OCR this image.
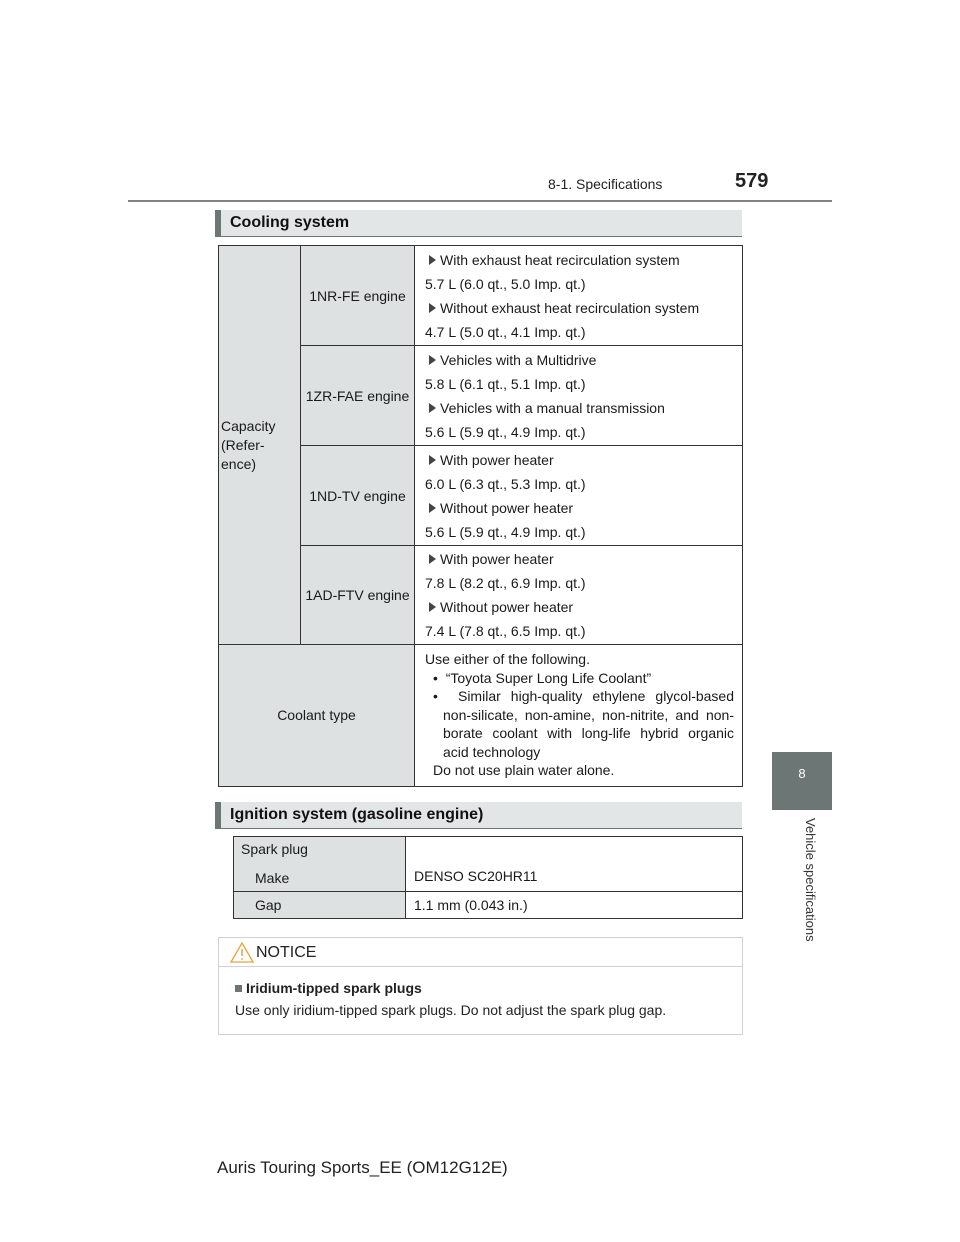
8-1. Specifications	579
8
Vehicle specifications
Cooling system
Capacity (Refer- ence)	1NR-FE engine	With exhaust heat recirculation system
5.7 L (6.0 qt., 5.0 Imp. qt.)
Without exhaust heat recirculation system
4.7 L (5.0 qt., 4.1 Imp. qt.)

	1ZR-FAE engine	Vehicles with a Multidrive
5.8 L (6.1 qt., 5.1 Imp. qt.)
Vehicles with a manual transmission
5.6 L (5.9 qt., 4.9 Imp. qt.)

	1ND-TV engine	With power heater
6.0 L (6.3 qt., 5.3 Imp. qt.)
Without power heater
5.6 L (5.9 qt., 4.9 Imp. qt.)

	1AD-FTV engine	With power heater
7.8 L (8.2 qt., 6.9 Imp. qt.)
Without power heater
7.4 L (7.8 qt., 6.5 Imp. qt.)

Coolant type		Use either of the following.
•  “Toyota Super Long Life Coolant”
•  Similar high-quality ethylene glycol-based non-silicate, non-amine, non-nitrite, and non-borate coolant with long-life hybrid organic acid technology
Do not use plain water alone.
Ignition system (gasoline engine)
Spark plug
Make	DENSO SC20HR11
Gap	1.1 mm (0.043 in.)
NOTICE
Iridium-tipped spark plugs
Use only iridium-tipped spark plugs. Do not adjust the spark plug gap.
Auris Touring Sports_EE (OM12G12E)
